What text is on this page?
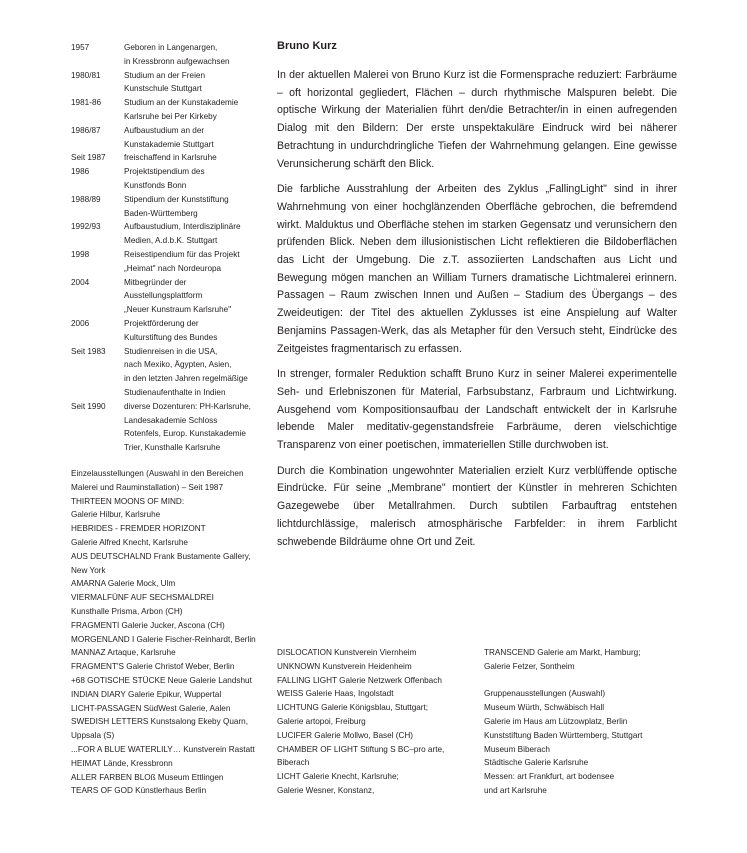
1957	Geboren in Langenargen,
in Kressbronn aufgewachsen
1980/81	Studium an der Freien
Kunstschule Stuttgart
1981-86	Studium an der Kunstakademie
Karlsruhe bei Per Kirkeby
1986/87	Aufbaustudium an der
Kunstakademie Stuttgart
Seit 1987	freischaffend in Karlsruhe
1986	Projektstipendium des
Kunstfonds Bonn
1988/89	Stipendium der Kunststiftung
Baden-Württemberg
1992/93	Aufbaustudium, Interdisziplinäre
Medien, A.d.b.K. Stuttgart
1998	Reisestipendium für das Projekt
„Heimat" nach Nordeuropa
2004	Mitbegründer der
Ausstellungsplattform
„Neuer Kunstraum Karlsruhe"
2006	Projektförderung der
Kulturstiftung des Bundes
Seit 1983	Studienreisen in die USA,
nach Mexiko, Ägypten, Asien,
in den letzten Jahren regelmäßige
Studienaufenthalte in Indien
Seit 1990	diverse Dozenturen: PH-Karlsruhe,
Landesakademie Schloss
Rotenfels, Europ. Kunstakademie
Trier, Kunsthalle Karlsruhe
Einzelausstellungen (Auswahl in den Bereichen
Malerei und Rauminstallation) – Seit 1987
THIRTEEN MOONS OF MIND:
Galerie Hilbur, Karlsruhe
HEBRIDES - FREMDER HORIZONT
Galerie Alfred Knecht, Karlsruhe
AUS DEUTSCHALND Frank Bustamente Gallery,
New York
AMARNA Galerie Mock, Ulm
VIERMALFÜNF AUF SECHSMALDREI
Kunsthalle Prisma, Arbon (CH)
FRAGMENTI Galerie Jucker, Ascona (CH)
MORGENLAND I Galerie Fischer-Reinhardt, Berlin
MANNAZ Artaque, Karlsruhe
FRAGMENT'S Galerie Christof Weber, Berlin
+68 GOTISCHE STÜCKE Neue Galerie Landshut
INDIAN DIARY Galerie Epikur, Wuppertal
LICHT-PASSAGEN SüdWest Galerie, Aalen
SWEDISH LETTERS Kunstsalong Ekeby Quarn,
Uppsala (S)
...FOR A BLUE WATERLILY… Kunstverein Rastatt
HEIMAT Lände, Kressbronn
ALLER FARBEN BLOß Museum Ettlingen
TEARS OF GOD Künstlerhaus Berlin
Bruno Kurz

In der aktuellen Malerei von Bruno Kurz ist die Formensprache reduziert: Farbräume – oft horizontal gegliedert, Flächen – durch rhythmische Malspuren belebt. Die optische Wirkung der Materialien führt den/die Betrachter/in in einen aufregenden Dialog mit den Bildern: Der erste unspektakuläre Eindruck wird bei näherer Betrachtung in undurchdringliche Tiefen der Wahrnehmung gelangen. Eine gewisse Verunsicherung schärft den Blick.

Die farbliche Ausstrahlung der Arbeiten des Zyklus „FallingLight" sind in ihrer Wahrnehmung von einer hochglänzenden Oberfläche gebrochen, die befremdend wirkt. Malduktus und Oberfläche stehen im starken Gegensatz und verunsichern den prüfenden Blick. Neben dem illusionistischen Licht reflektieren die Bildoberflächen das Licht der Umgebung. Die z.T. assoziierten Landschaften aus Licht und Bewegung mögen manchen an William Turners dramatische Lichtmalerei erinnern. Passagen – Raum zwischen Innen und Außen – Stadium des Übergangs – des Zweideutigen: der Titel des aktuellen Zyklusses ist eine Anspielung auf Walter Benjamins Passagen-Werk, das als Metapher für den Versuch steht, Eindrücke des Zeitgeistes fragmentarisch zu erfassen.

In strenger, formaler Reduktion schafft Bruno Kurz in seiner Malerei experimentelle Seh- und Erlebniszonen für Material, Farbsubstanz, Farbraum und Lichtwirkung. Ausgehend vom Kompositionsaufbau der Landschaft entwickelt der in Karlsruhe lebende Maler meditativ-gegenstandsfreie Farbräume, deren vielschichtige Transparenz von einer poetischen, immateriellen Stille durchwoben ist.

Durch die Kombination ungewohnter Materialien erzielt Kurz verblüffende optische Eindrücke. Für seine „Membrane" montiert der Künstler in mehreren Schichten Gazegewebe über Metallrahmen. Durch subtilen Farbauftrag entstehen lichtdurchlässige, malerisch atmosphärische Farbfelder: in ihrem Farblicht schwebende Bildräume ohne Ort und Zeit.

DISLOCATION Kunstverein Viernheim
UNKNOWN Kunstverein Heidenheim
FALLING LIGHT Galerie Netzwerk Offenbach
WEISS Galerie Haas, Ingolstadt
LICHTUNG Galerie Königsblau, Stuttgart;
Galerie artopoi, Freiburg
LUCIFER Galerie Mollwo, Basel (CH)
CHAMBER OF LIGHT Stiftung S BC–pro arte,
Biberach
LICHT Galerie Knecht, Karlsruhe;
Galerie Wesner, Konstanz,
TRANSCEND Galerie am Markt, Hamburg;
Galerie Fetzer, Sontheim
Gruppenausstellungen (Auswahl)
Museum Würth, Schwäbisch Hall
Galerie im Haus am Lützowplatz, Berlin
Kunststiftung Baden Württemberg, Stuttgart
Museum Biberach
Städtische Galerie Karlsruhe
Messen: art Frankfurt, art bodensee
und art Karlsruhe
